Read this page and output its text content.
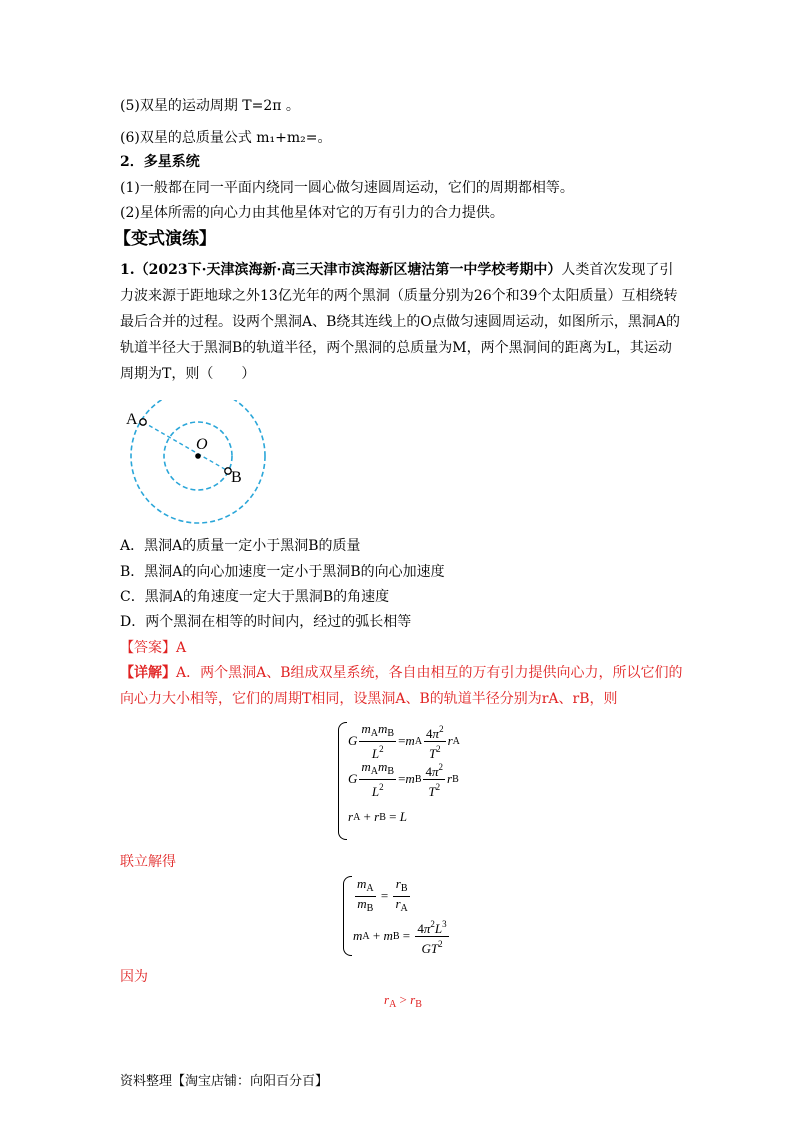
(5)双星的运动周期 T=2π 。
(6)双星的总质量公式 m₁+m₂=。
2．多星系统
(1)一般都在同一平面内绕同一圆心做匀速圆周运动，它们的周期都相等。
(2)星体所需的向心力由其他星体对它的万有引力的合力提供。
【变式演练】
1.（2023下·天津滨海新·高三天津市滨海新区塘沽第一中学校考期中）人类首次发现了引力波来源于距地球之外13亿光年的两个黑洞（质量分别为26个和39个太阳质量）互相绕转最后合并的过程。设两个黑洞A、B绕其连线上的O点做匀速圆周运动，如图所示，黑洞A的轨道半径大于黑洞B的轨道半径，两个黑洞的总质量为M，两个黑洞间的距离为L，其运动周期为T，则（　　）
A
O
B
A．黑洞A的质量一定小于黑洞B的质量
B．黑洞A的向心加速度一定小于黑洞B的向心加速度
C．黑洞A的角速度一定大于黑洞B的角速度
D．两个黑洞在相等的时间内，经过的弧长相等
【答案】A
【详解】A．两个黑洞A、B组成双星系统，各自由相互的万有引力提供向心力，所以它们的向心力大小相等，它们的周期T相同，设黑洞A、B的轨道半径分别为rA、rB，则
G $\frac{m_Am_B}{L^2} = m$ A $\frac{4\pi^2}{T^2}$ r A
G $\frac{m_Am_B}{L^2} = m$ B $\frac{4\pi^2}{T^2}$ r B
r A + r B = L
联立解得
$\frac{m_A}{m_B} = \frac{r_B}{r_A}$
m A + m $B = \frac{4\pi^2L^3}{GT^2}$
因为
$r_A > r_B$
资料整理【淘宝店铺：向阳百分百】
